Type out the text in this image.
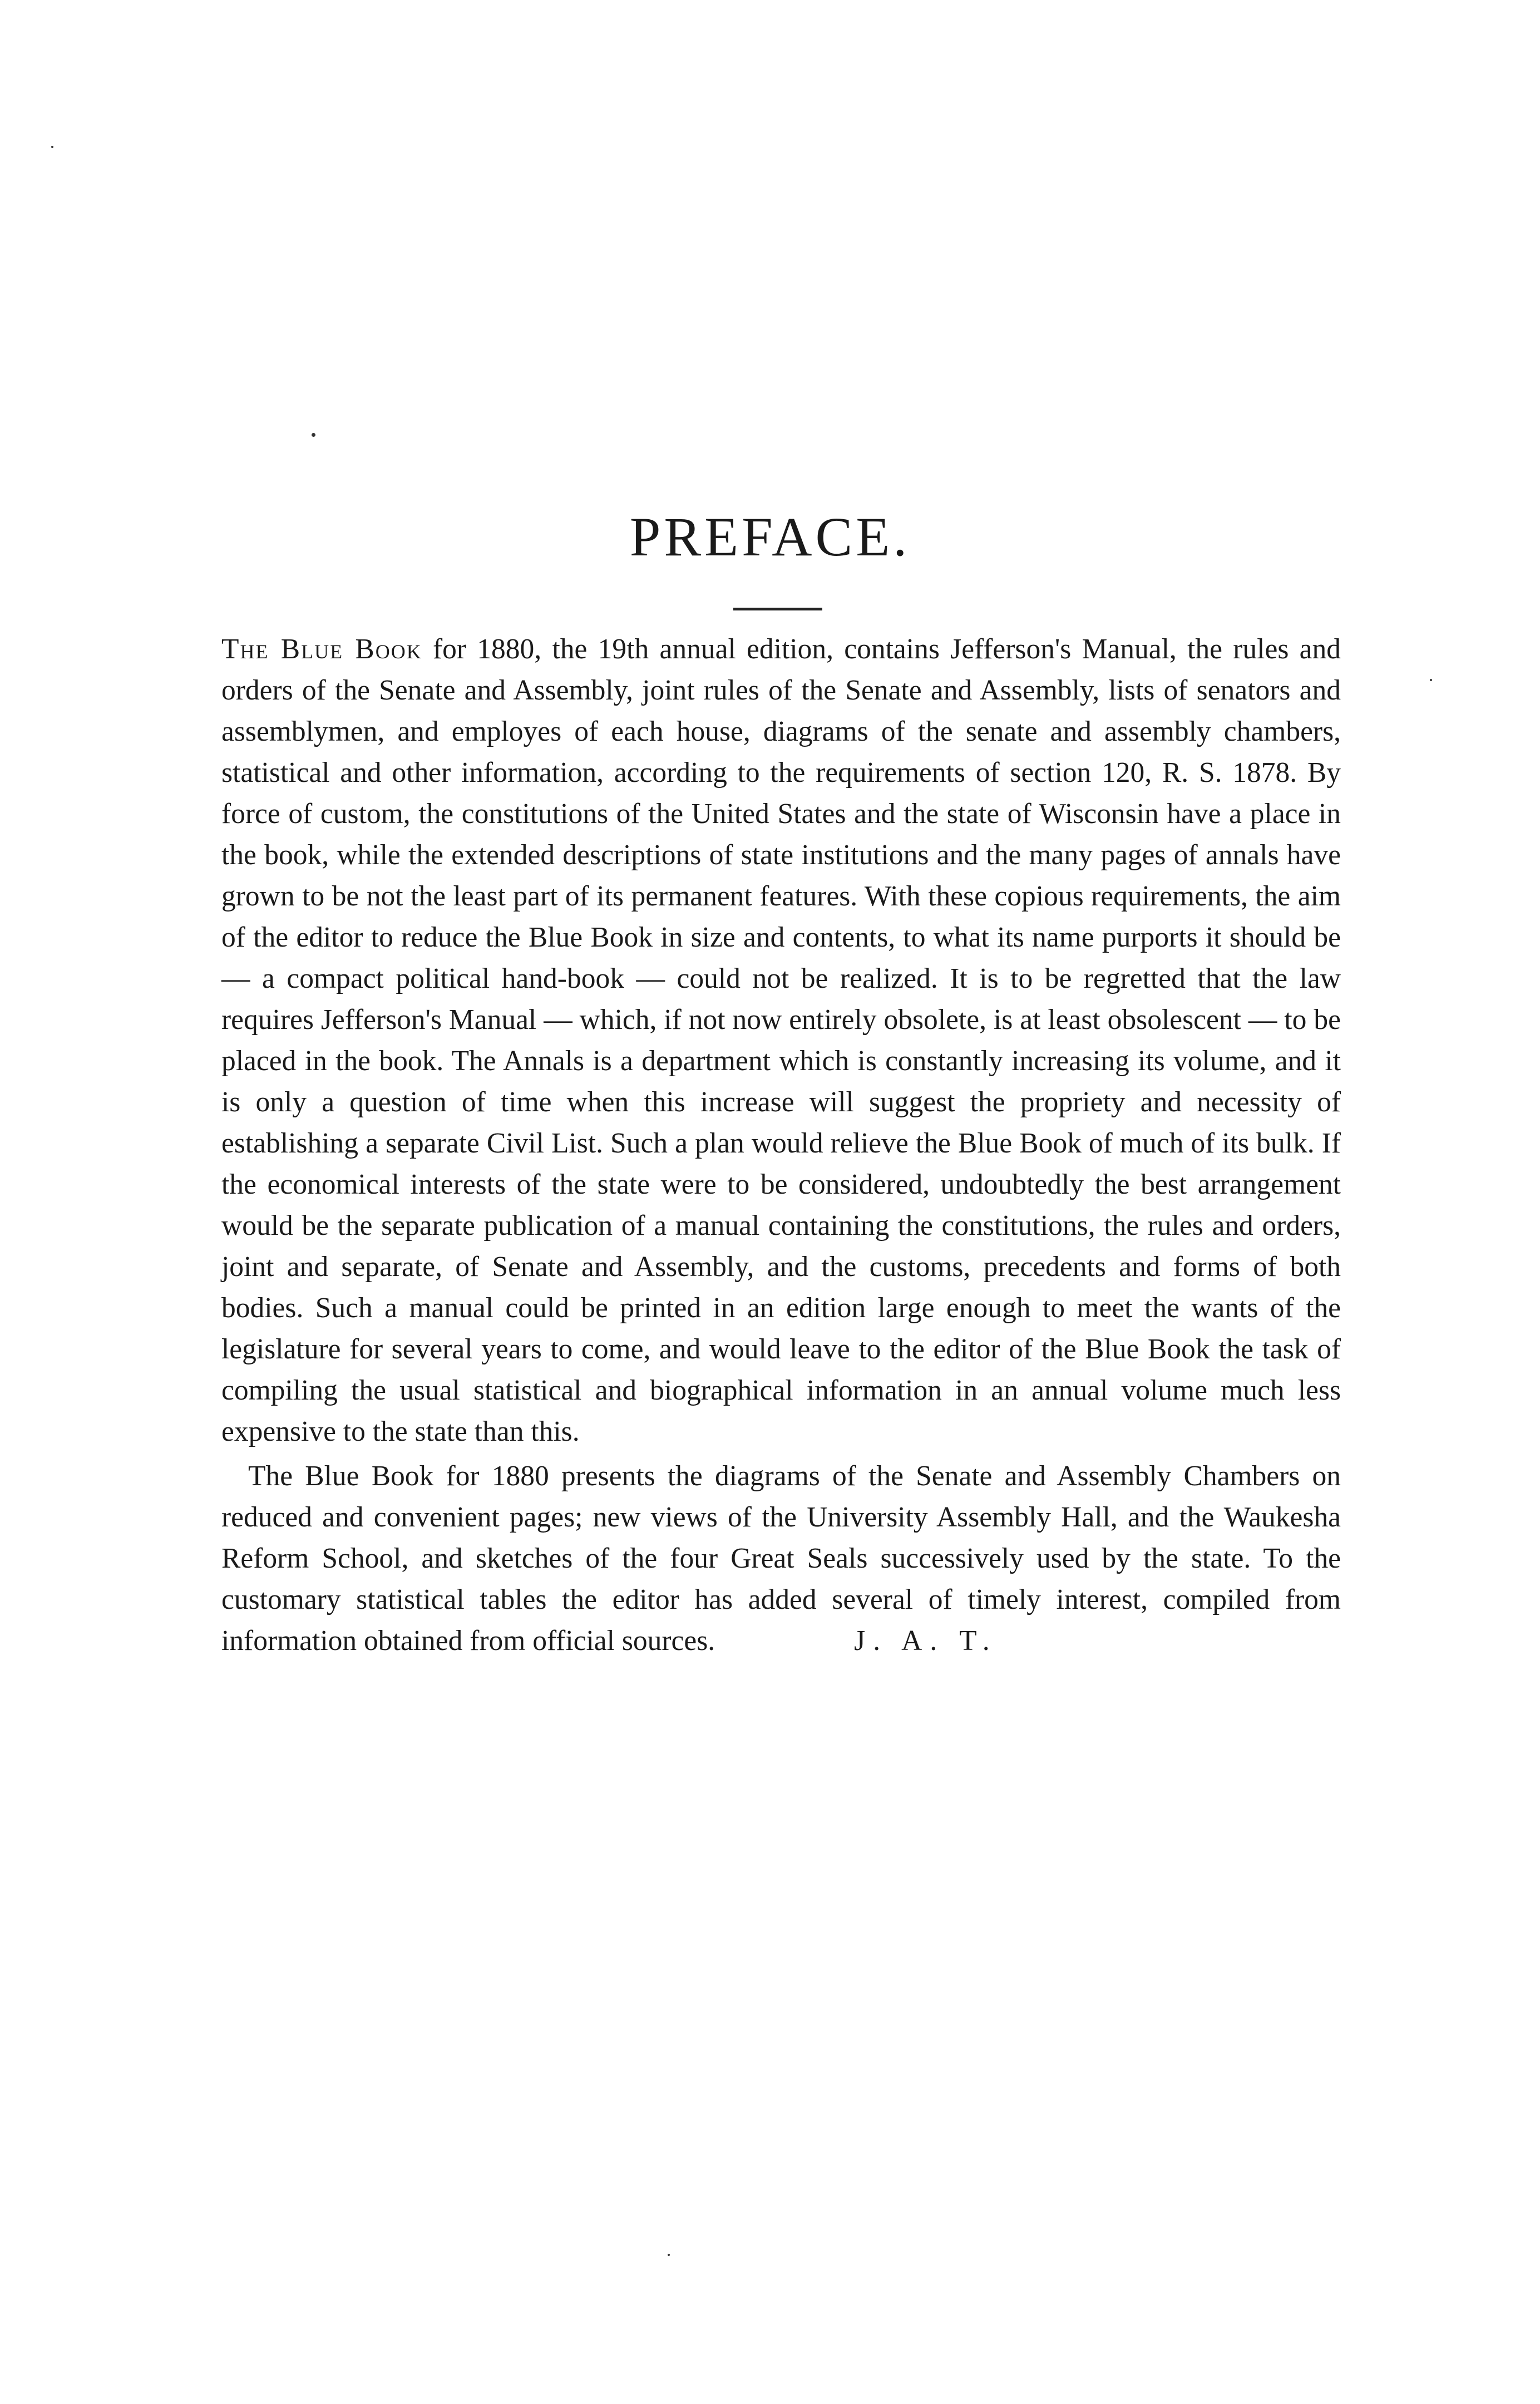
PREFACE.

The Blue Book for 1880, the 19th annual edition, contains Jefferson's Manual, the rules and orders of the Senate and Assembly, joint rules of the Senate and Assembly, lists of senators and assemblymen, and employes of each house, diagrams of the senate and assembly chambers, statistical and other information, according to the requirements of section 120, R. S. 1878. By force of custom, the constitutions of the United States and the state of Wisconsin have a place in the book, while the extended descriptions of state institutions and the many pages of annals have grown to be not the least part of its permanent features. With these copious requirements, the aim of the editor to reduce the Blue Book in size and contents, to what its name purports it should be — a compact political hand-book — could not be realized. It is to be regretted that the law requires Jefferson's Manual — which, if not now entirely obsolete, is at least obsolescent — to be placed in the book. The Annals is a department which is constantly increasing its volume, and it is only a question of time when this increase will suggest the propriety and necessity of establishing a separate Civil List. Such a plan would relieve the Blue Book of much of its bulk. If the economical interests of the state were to be considered, undoubtedly the best arrangement would be the separate publication of a manual containing the constitutions, the rules and orders, joint and separate, of Senate and Assembly, and the customs, precedents and forms of both bodies. Such a manual could be printed in an edition large enough to meet the wants of the legislature for several years to come, and would leave to the editor of the Blue Book the task of compiling the usual statistical and biographical information in an annual volume much less expensive to the state than this.

The Blue Book for 1880 presents the diagrams of the Senate and Assembly Chambers on reduced and convenient pages; new views of the University Assembly Hall, and the Waukesha Reform School, and sketches of the four Great Seals successively used by the state. To the customary statistical tables the editor has added several of timely interest, compiled from information obtained from official sources.	J. A. T.
